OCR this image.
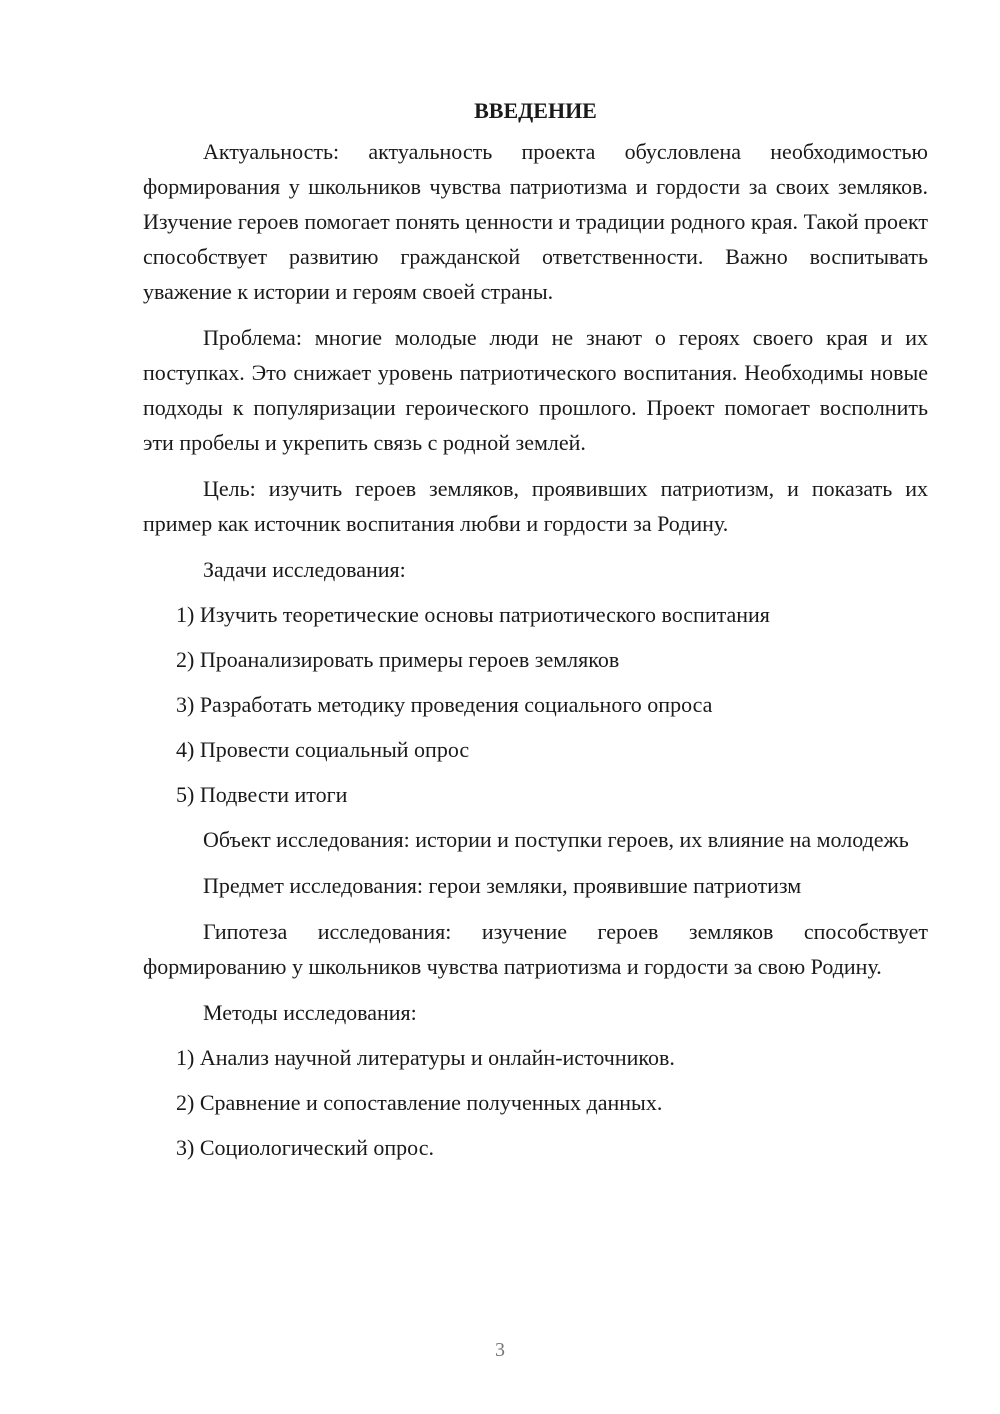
ВВЕДЕНИЕ

Актуальность: актуальность проекта обусловлена необходимостью формирования у школьников чувства патриотизма и гордости за своих земляков. Изучение героев помогает понять ценности и традиции родного края. Такой проект способствует развитию гражданской ответственности. Важно воспитывать уважение к истории и героям своей страны.

Проблема: многие молодые люди не знают о героях своего края и их поступках. Это снижает уровень патриотического воспитания. Необходимы новые подходы к популяризации героического прошлого. Проект помогает восполнить эти пробелы и укрепить связь с родной землей.

Цель: изучить героев земляков, проявивших патриотизм, и показать их пример как источник воспитания любви и гордости за Родину.

Задачи исследования:

1) Изучить теоретические основы патриотического воспитания
2) Проанализировать примеры героев земляков
3) Разработать методику проведения социального опроса
4) Провести социальный опрос
5) Подвести итоги

Объект исследования: истории и поступки героев, их влияние на молодежь

Предмет исследования: герои земляки, проявившие патриотизм

Гипотеза исследования: изучение героев земляков способствует формированию у школьников чувства патриотизма и гордости за свою Родину.

Методы исследования:

1) Анализ научной литературы и онлайн-источников.
2) Сравнение и сопоставление полученных данных.
3) Социологический опрос.
3
